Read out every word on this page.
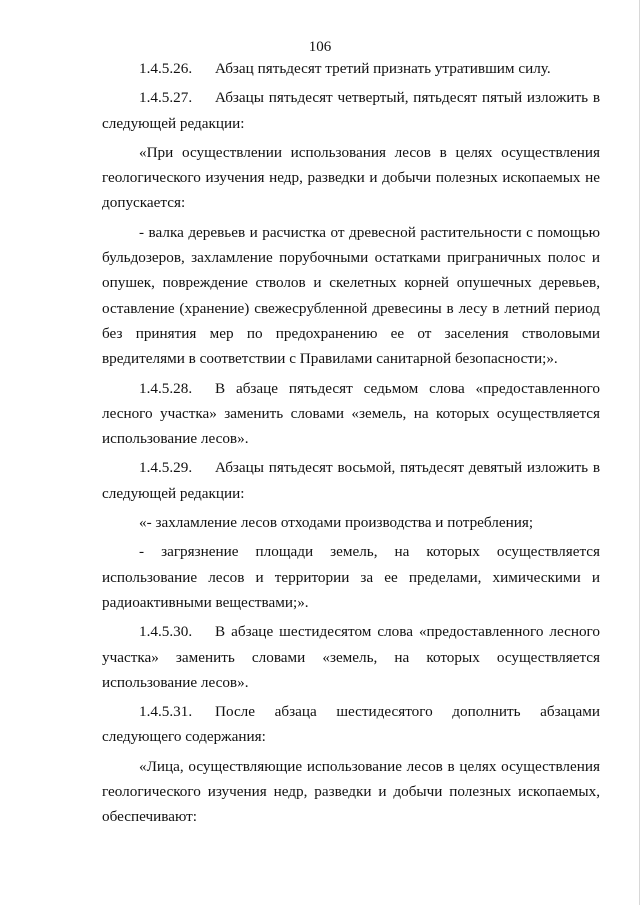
106

1.4.5.26. Абзац пятьдесят третий признать утратившим силу.

1.4.5.27. Абзацы пятьдесят четвертый, пятьдесят пятый изложить в следующей редакции:

«При осуществлении использования лесов в целях осуществления геологического изучения недр, разведки и добычи полезных ископаемых не допускается:

- валка деревьев и расчистка от древесной растительности с помощью бульдозеров, захламление порубочными остатками приграничных полос и опушек, повреждение стволов и скелетных корней опушечных деревьев, оставление (хранение) свежесрубленной древесины в лесу в летний период без принятия мер по предохранению ее от заселения стволовыми вредителями в соответствии с Правилами санитарной безопасности;».

1.4.5.28. В абзаце пятьдесят седьмом слова «предоставленного лесного участка» заменить словами «земель, на которых осуществляется использование лесов».

1.4.5.29. Абзацы пятьдесят восьмой, пятьдесят девятый изложить в следующей редакции:

«- захламление лесов отходами производства и потребления;

- загрязнение площади земель, на которых осуществляется использование лесов и территории за ее пределами, химическими и радиоактивными веществами;».

1.4.5.30. В абзаце шестидесятом слова «предоставленного лесного участка» заменить словами «земель, на которых осуществляется использование лесов».

1.4.5.31. После абзаца шестидесятого дополнить абзацами следующего содержания:

«Лица, осуществляющие использование лесов в целях осуществления геологического изучения недр, разведки и добычи полезных ископаемых, обеспечивают:
